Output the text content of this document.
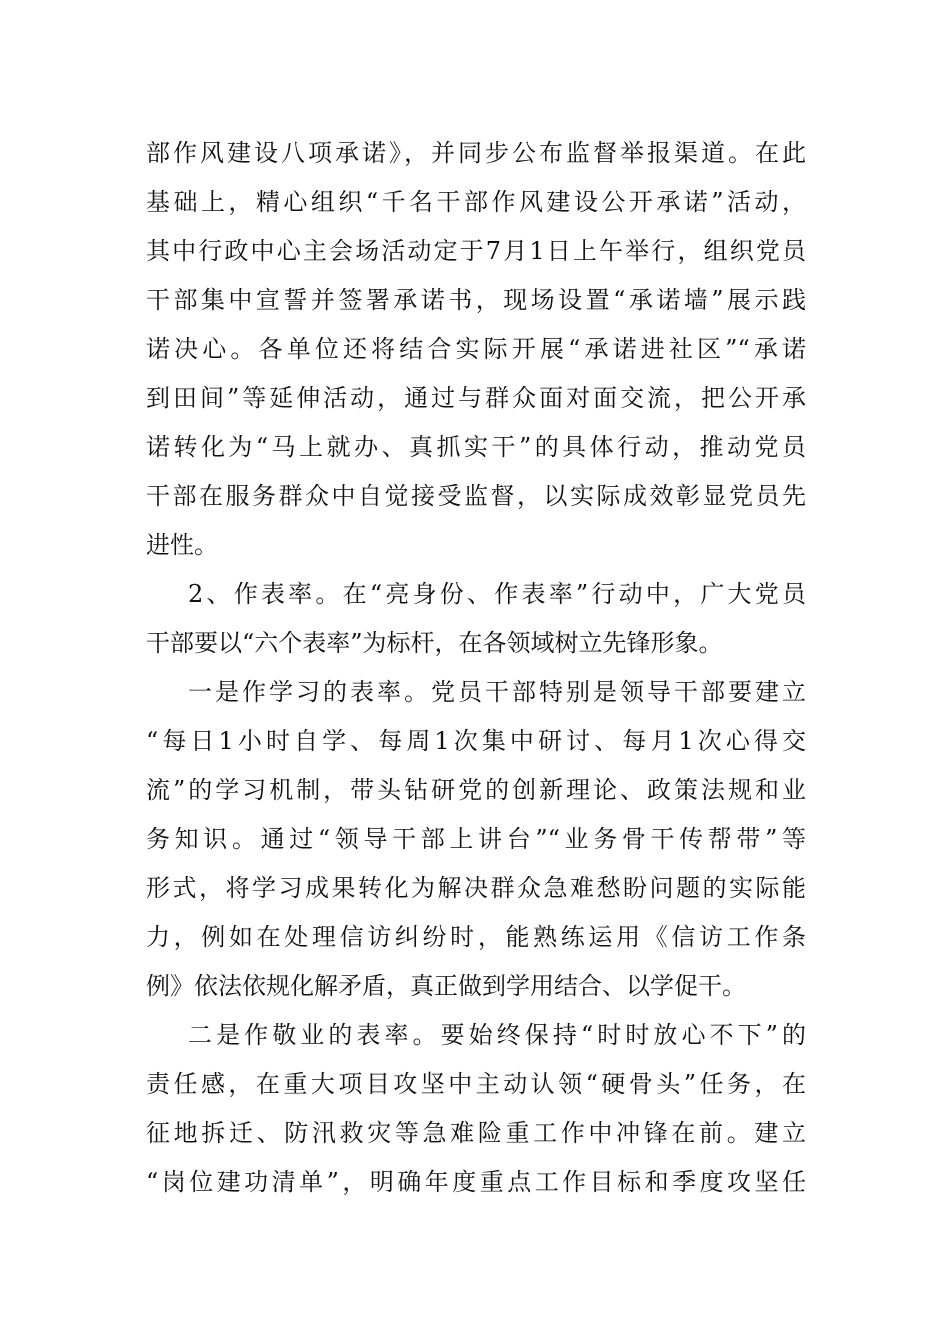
部作风建设八项承诺》，并同步公布监督举报渠道。在此
基础上，精心组织“千名干部作风建设公开承诺”活动，
其中行政中心主会场活动定于7月1日上午举行，组织党员
干部集中宣誓并签署承诺书，现场设置“承诺墙”展示践
诺决心。各单位还将结合实际开展“承诺进社区”“承诺
到田间”等延伸活动，通过与群众面对面交流，把公开承
诺转化为“马上就办、真抓实干”的具体行动，推动党员
干部在服务群众中自觉接受监督，以实际成效彰显党员先
进性。
2、作表率。在“亮身份、作表率”行动中，广大党员
干部要以“六个表率”为标杆，在各领域树立先锋形象。
一是作学习的表率。党员干部特别是领导干部要建立
“每日1小时自学、每周1次集中研讨、每月1次心得交
流”的学习机制，带头钻研党的创新理论、政策法规和业
务知识。通过“领导干部上讲台”“业务骨干传帮带”等
形式，将学习成果转化为解决群众急难愁盼问题的实际能
力，例如在处理信访纠纷时，能熟练运用《信访工作条
例》依法依规化解矛盾，真正做到学用结合、以学促干。
二是作敬业的表率。要始终保持“时时放心不下”的
责任感，在重大项目攻坚中主动认领“硬骨头”任务，在
征地拆迁、防汛救灾等急难险重工作中冲锋在前。建立
“岗位建功清单”，明确年度重点工作目标和季度攻坚任
